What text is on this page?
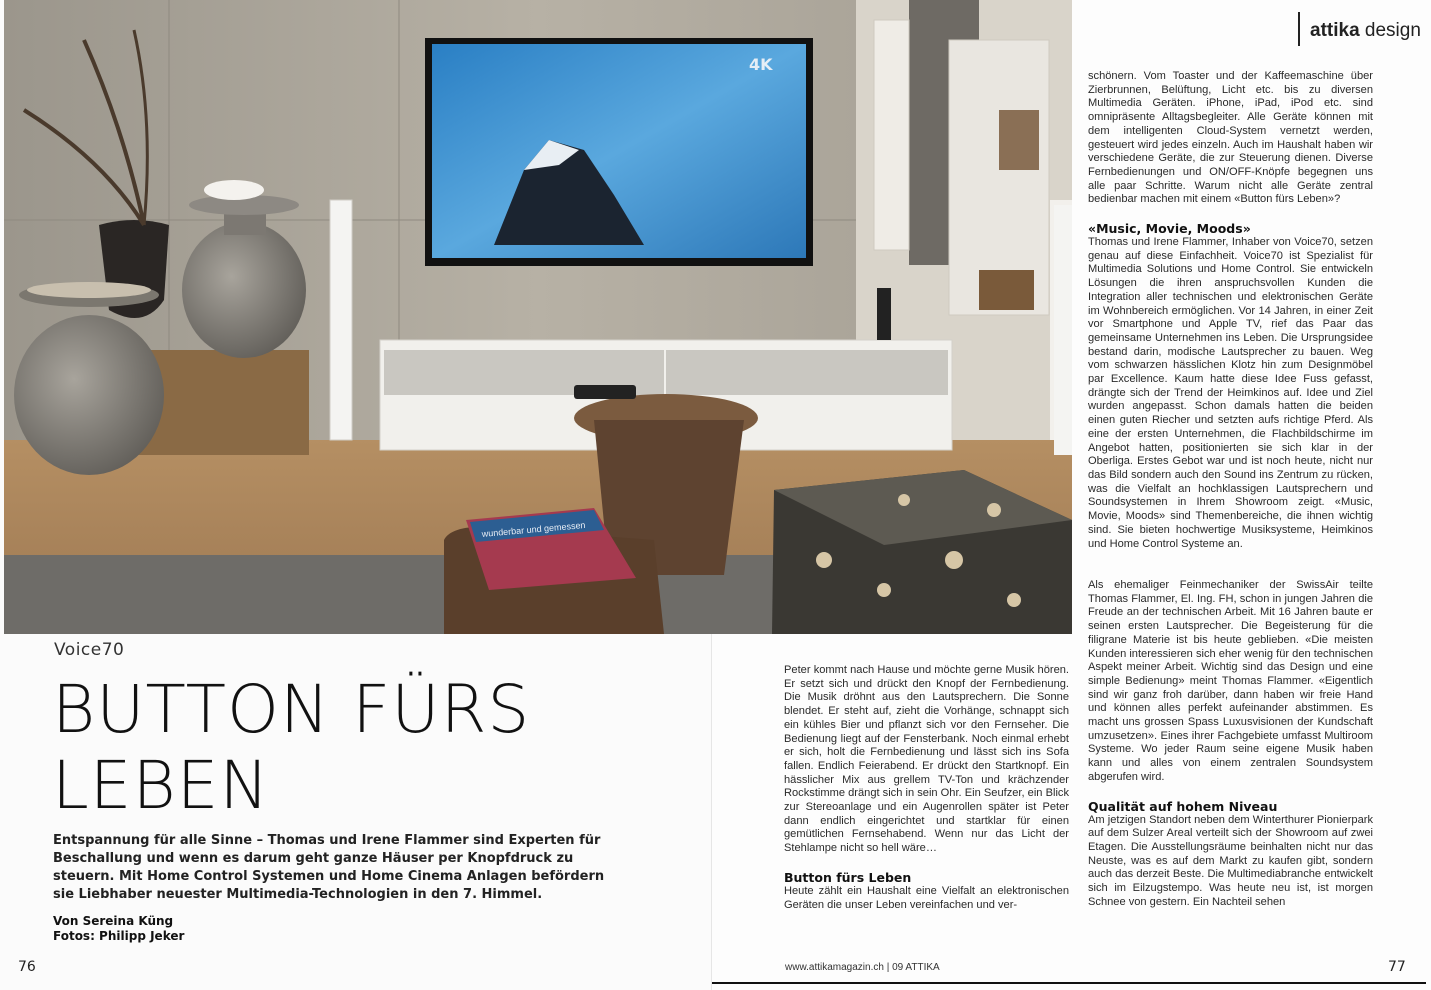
4K
wunderbar und gemessen
attika design
Voice70
BUTTON FÜRS
LEBEN
Entspannung für alle Sinne – Thomas und Irene Flammer sind Experten für Beschallung und wenn es darum geht ganze Häuser per Knopfdruck zu steuern. Mit Home Control Systemen und Home Cinema Anlagen befördern sie Liebhaber neuester Multimedia-Technologien in den 7. Himmel.
Von Sereina Küng
Fotos: Philipp Jeker

Peter kommt nach Hause und möchte gerne Musik hören. Er setzt sich und drückt den Knopf der Fernbedienung. Die Musik dröhnt aus den Lautsprechern. Die Sonne blendet. Er steht auf, zieht die Vorhänge, schnappt sich ein kühles Bier und pflanzt sich vor den Fernseher. Die Bedienung liegt auf der Fensterbank. Noch einmal erhebt er sich, holt die Fernbedienung und lässt sich ins Sofa fallen. Endlich Feierabend. Er drückt den Startknopf. Ein hässlicher Mix aus grellem TV-Ton und krächzender Rockstimme drängt sich in sein Ohr. Ein Seufzer, ein Blick zur Stereoanlage und ein Augenrollen später ist Peter dann endlich eingerichtet und startklar für einen gemütlichen Fernsehabend. Wenn nur das Licht der Stehlampe nicht so hell wäre…

Button fürs Leben

Heute zählt ein Haushalt eine Vielfalt an elektronischen Geräten die unser Leben vereinfachen und ver-

schönern. Vom Toaster und der Kaffeemaschine über Zierbrunnen, Belüftung, Licht etc. bis zu diversen Multimedia Geräten. iPhone, iPad, iPod etc. sind omnipräsente Alltagsbegleiter. Alle Geräte können mit dem intelligenten Cloud-System vernetzt werden, gesteuert wird jedes einzeln. Auch im Haushalt haben wir verschiedene Geräte, die zur Steuerung dienen. Diverse Fernbedienungen und ON/OFF-Knöpfe begegnen uns alle paar Schritte. Warum nicht alle Geräte zentral bedienbar machen mit einem «Button fürs Leben»?

«Music, Movie, Moods»

Thomas und Irene Flammer, Inhaber von Voice70, setzen genau auf diese Einfachheit. Voice70 ist Spezialist für Multimedia Solutions und Home Control. Sie entwickeln Lösungen die ihren anspruchsvollen Kunden die Integration aller technischen und elektronischen Geräte im Wohnbereich ermöglichen. Vor 14 Jahren, in einer Zeit vor Smartphone und Apple TV, rief das Paar das gemeinsame Unternehmen ins Leben. Die Ursprungsidee bestand darin, modische Lautsprecher zu bauen. Weg vom schwarzen hässlichen Klotz hin zum Designmöbel par Excellence. Kaum hatte diese Idee Fuss gefasst, drängte sich der Trend der Heimkinos auf. Idee und Ziel wurden angepasst. Schon damals hatten die beiden einen guten Riecher und setzten aufs richtige Pferd. Als eine der ersten Unternehmen, die Flachbildschirme im Angebot hatten, positionierten sie sich klar in der Oberliga. Erstes Gebot war und ist noch heute, nicht nur das Bild sondern auch den Sound ins Zentrum zu rücken, was die Vielfalt an hochklassigen Lautsprechern und Soundsystemen in Ihrem Showroom zeigt. «Music, Movie, Moods» sind Themenbereiche, die ihnen wichtig sind. Sie bieten hochwertige Musiksysteme, Heimkinos und Home Control Systeme an.

Als ehemaliger Feinmechaniker der SwissAir teilte Thomas Flammer, El. Ing. FH, schon in jungen Jahren die Freude an der technischen Arbeit. Mit 16 Jahren baute er seinen ersten Lautsprecher. Die Begeisterung für die filigrane Materie ist bis heute geblieben. «Die meisten Kunden interessieren sich eher wenig für den technischen Aspekt meiner Arbeit. Wichtig sind das Design und eine simple Bedienung» meint Thomas Flammer. «Eigentlich sind wir ganz froh darüber, dann haben wir freie Hand und können alles perfekt aufeinander abstimmen. Es macht uns grossen Spass Luxusvisionen der Kundschaft umzusetzen». Eines ihrer Fachgebiete umfasst Multiroom Systeme. Wo jeder Raum seine eigene Musik haben kann und alles von einem zentralen Soundsystem abgerufen wird.

Qualität auf hohem Niveau

Am jetzigen Standort neben dem Winterthurer Pionierpark auf dem Sulzer Areal verteilt sich der Showroom auf zwei Etagen. Die Ausstellungsräume beinhalten nicht nur das Neuste, was es auf dem Markt zu kaufen gibt, sondern auch das derzeit Beste. Die Multimediabranche entwickelt sich im Eilzugstempo. Was heute neu ist, ist morgen Schnee von gestern. Ein Nachteil sehen

76	77
www.attikamagazin.ch | 09 ATTIKA
